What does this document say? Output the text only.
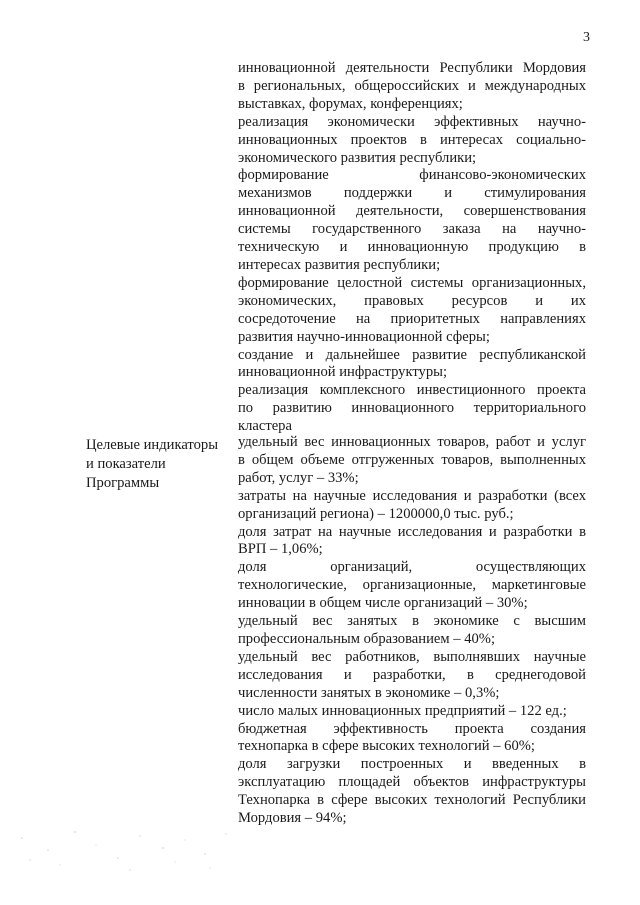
3

инновационной деятельности Республики Мордовия

в региональных, общероссийских и международных

выставках, форумах, конференциях;

реализация экономически эффективных научно-

инновационных проектов в интересах социально-

экономического развития республики;

формирование финансово-экономических

механизмов поддержки и стимулирования

инновационной деятельности, совершенствования

системы государственного заказа на научно-

техническую и инновационную продукцию в

интересах развития республики;

формирование целостной системы организационных,

экономических, правовых ресурсов и их

сосредоточение на приоритетных направлениях

развития научно-инновационной сферы;

создание и дальнейшее развитие республиканской

инновационной инфраструктуры;

реализация комплексного инвестиционного проекта

по развитию инновационного территориального

кластера

Целевые индикаторы
и показатели
Программы

удельный вес инновационных товаров, работ и услуг

в общем объеме отгруженных товаров, выполненных

работ, услуг – 33%;

затраты на научные исследования и разработки (всех

организаций региона) – 1200000,0 тыс. руб.;

доля затрат на научные исследования и разработки в

ВРП – 1,06%;

доля организаций, осуществляющих

технологические, организационные, маркетинговые

инновации в общем числе организаций – 30%;

удельный вес занятых в экономике с высшим

профессиональным образованием – 40%;

удельный вес работников, выполнявших научные

исследования и разработки, в среднегодовой

численности занятых в экономике – 0,3%;

число малых инновационных предприятий – 122 ед.;

бюджетная эффективность проекта создания

технопарка в сфере высоких технологий – 60%;

доля загрузки построенных и введенных в

эксплуатацию площадей объектов инфраструктуры

Технопарка в сфере высоких технологий Республики

Мордовия – 94%;
